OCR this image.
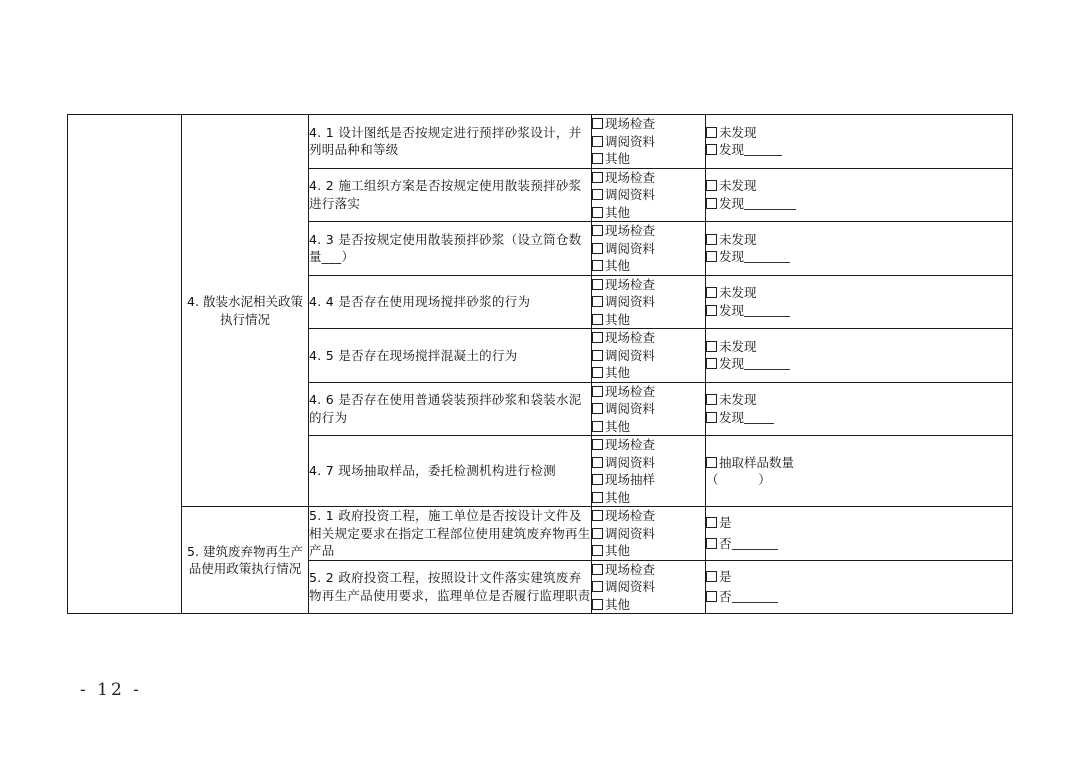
	4. 散装水泥相关政策执行情况	4. 1 设计图纸是否按规定进行预拌砂浆设计，并列明品种和等级	现场检查
调阅资料
其他	未发现
发现

		4. 2 施工组织方案是否按规定使用散装预拌砂浆进行落实	现场检查
调阅资料
其他	未发现
发现

		4. 3 是否按规定使用散装预拌砂浆（设立筒仓数量___）	现场检查
调阅资料
其他	未发现
发现

		4. 4 是否存在使用现场搅拌砂浆的行为	现场检查
调阅资料
其他	未发现
发现

		4. 5 是否存在现场搅拌混凝土的行为	现场检查
调阅资料
其他	未发现
发现

		4. 6 是否存在使用普通袋装预拌砂浆和袋装水泥的行为	现场检查
调阅资料
其他	未发现
发现

		4. 7 现场抽取样品，委托检测机构进行检测	现场检查
调阅资料
现场抽样
其他	抽取样品数量
（          ）

	5. 建筑废弃物再生产品使用政策执行情况	5. 1 政府投资工程，施工单位是否按设计文件及相关规定要求在指定工程部位使用建筑废弃物再生产品	现场检查
调阅资料
其他	是
否

		5. 2 政府投资工程，按照设计文件落实建筑废弃物再生产品使用要求，监理单位是否履行监理职责	现场检查
调阅资料
其他	是
否
- 12 -
